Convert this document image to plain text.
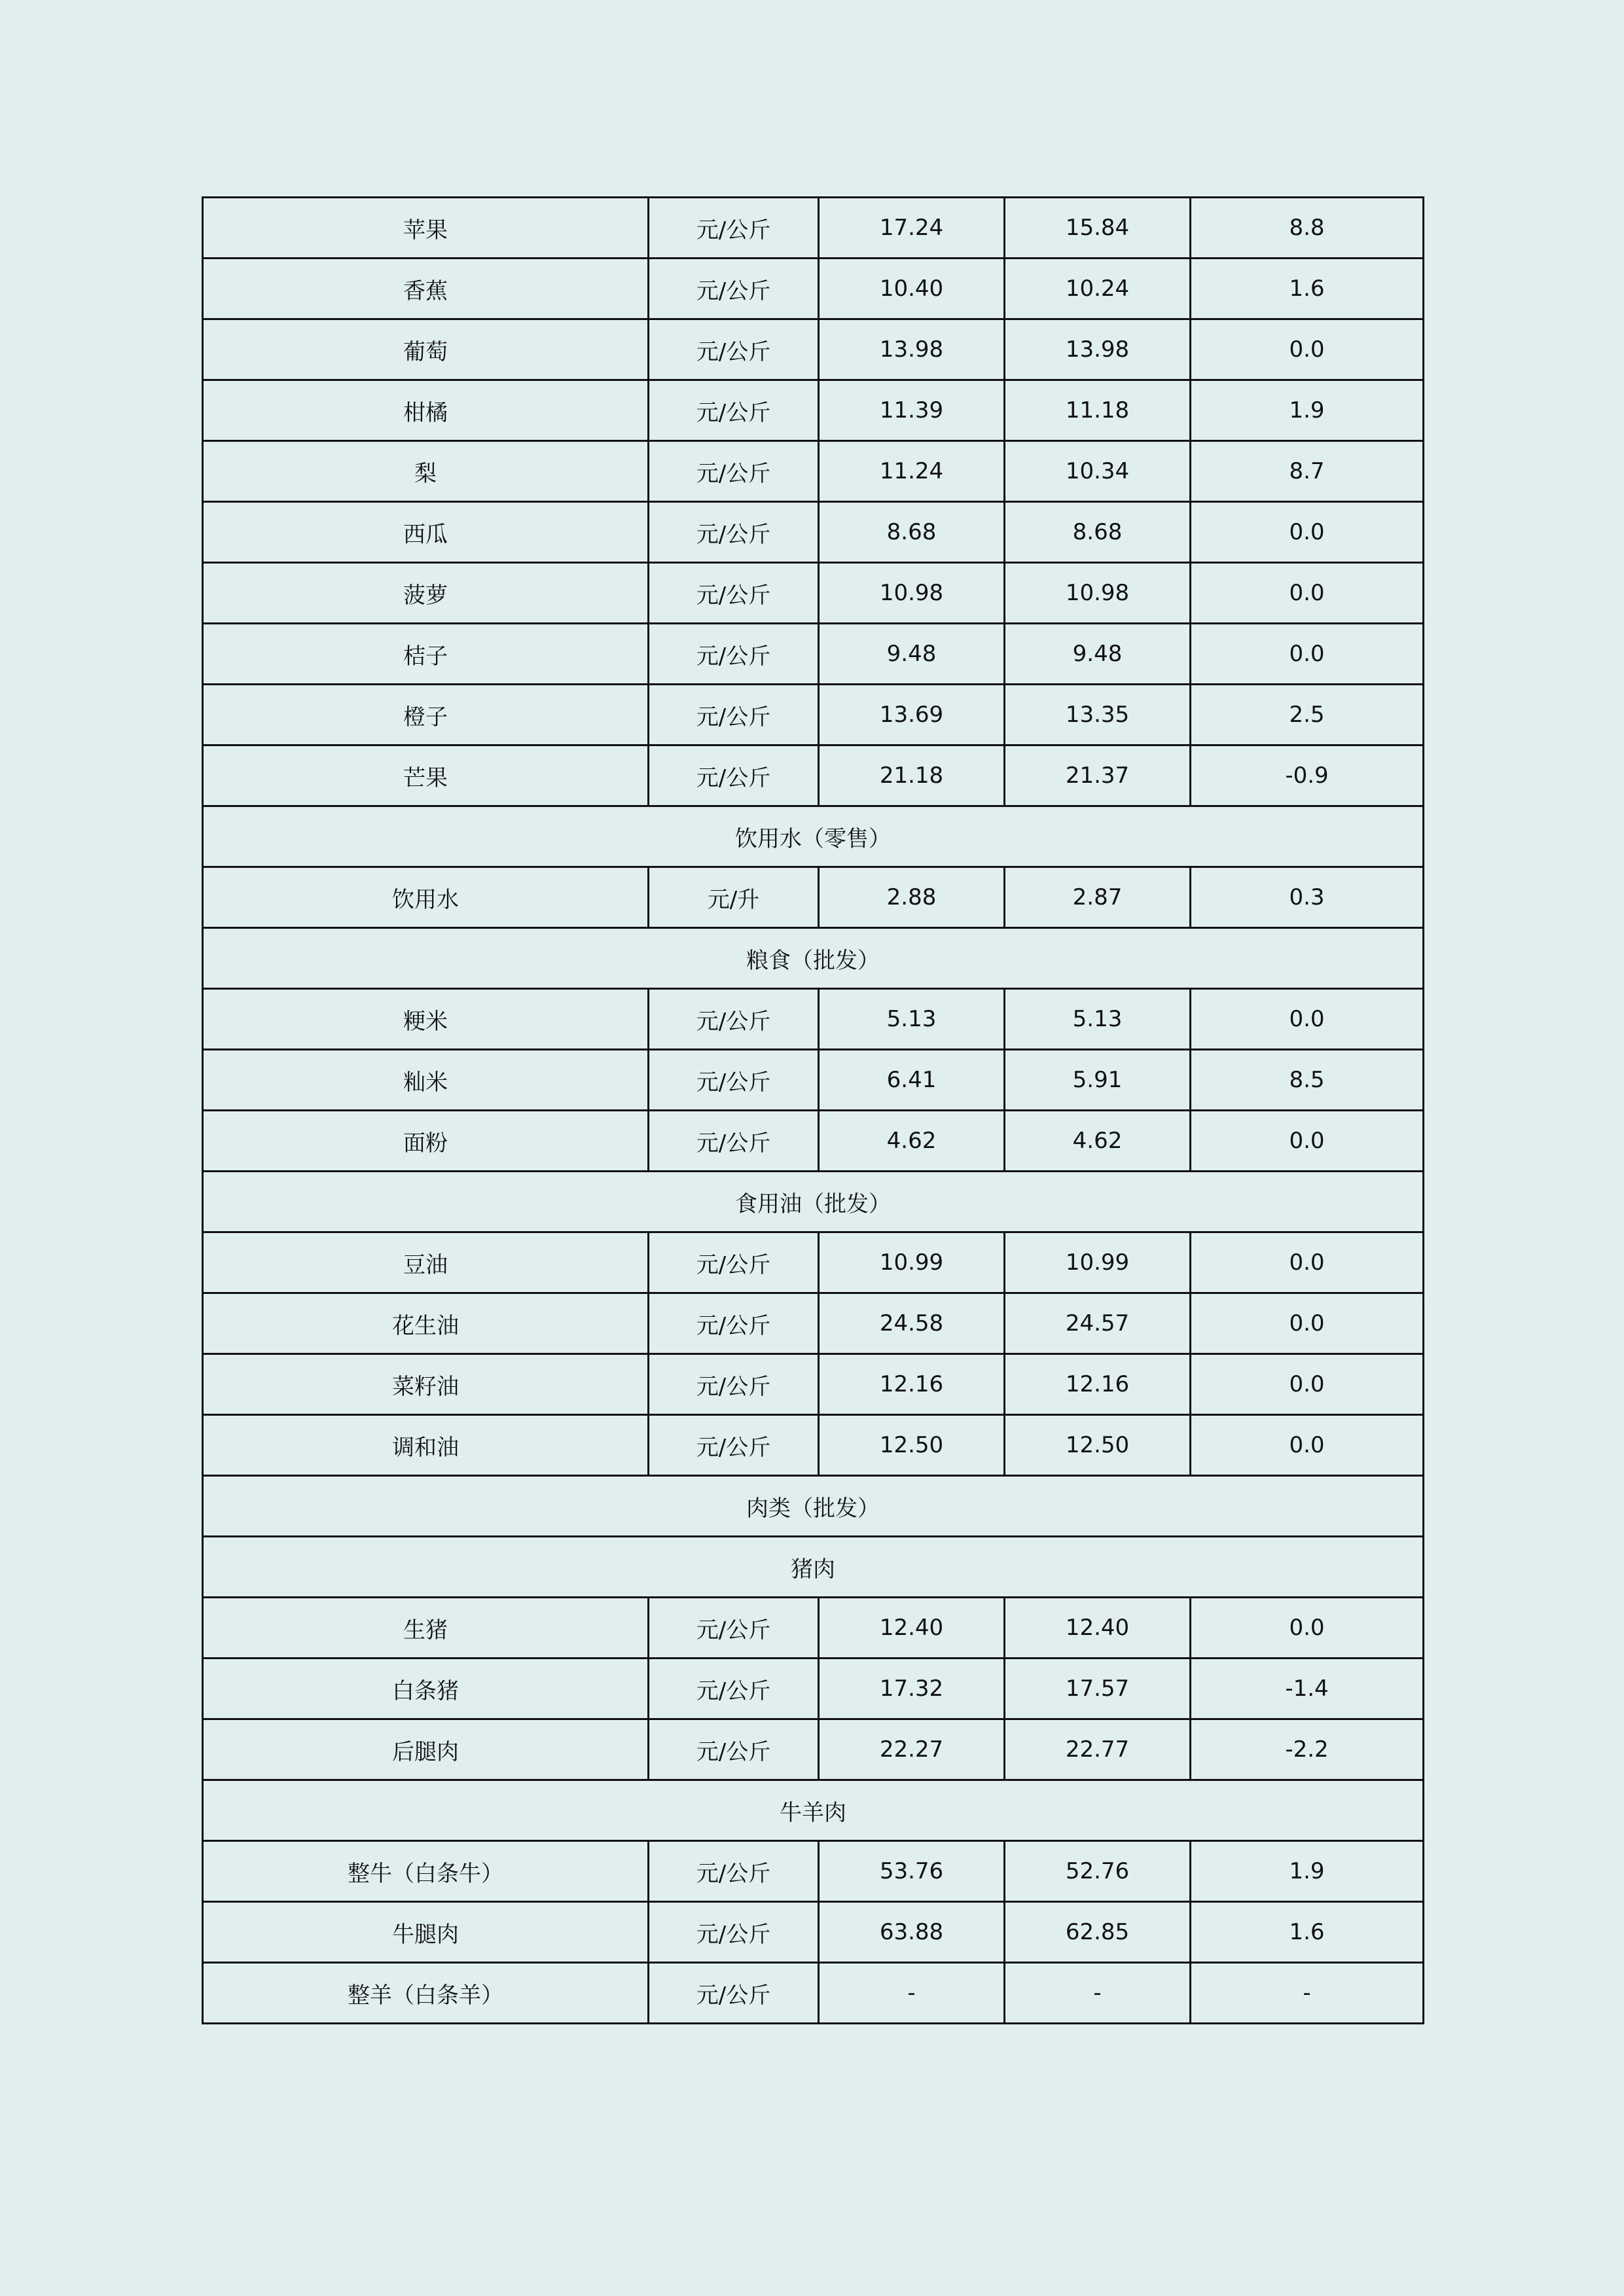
苹果	元/公斤	17.24	15.84	8.8
香蕉	元/公斤	10.40	10.24	1.6
葡萄	元/公斤	13.98	13.98	0.0
柑橘	元/公斤	11.39	11.18	1.9
梨	元/公斤	11.24	10.34	8.7
西瓜	元/公斤	8.68	8.68	0.0
菠萝	元/公斤	10.98	10.98	0.0
桔子	元/公斤	9.48	9.48	0.0
橙子	元/公斤	13.69	13.35	2.5
芒果	元/公斤	21.18	21.37	-0.9
饮用水（零售）				
饮用水	元/升	2.88	2.87	0.3
粮食（批发）				
粳米	元/公斤	5.13	5.13	0.0
籼米	元/公斤	6.41	5.91	8.5
面粉	元/公斤	4.62	4.62	0.0
食用油（批发）				
豆油	元/公斤	10.99	10.99	0.0
花生油	元/公斤	24.58	24.57	0.0
菜籽油	元/公斤	12.16	12.16	0.0
调和油	元/公斤	12.50	12.50	0.0
肉类（批发）				
猪肉				
生猪	元/公斤	12.40	12.40	0.0
白条猪	元/公斤	17.32	17.57	-1.4
后腿肉	元/公斤	22.27	22.77	-2.2
牛羊肉				
整牛（白条牛）	元/公斤	53.76	52.76	1.9
牛腿肉	元/公斤	63.88	62.85	1.6
整羊（白条羊）	元/公斤	-	-	-
